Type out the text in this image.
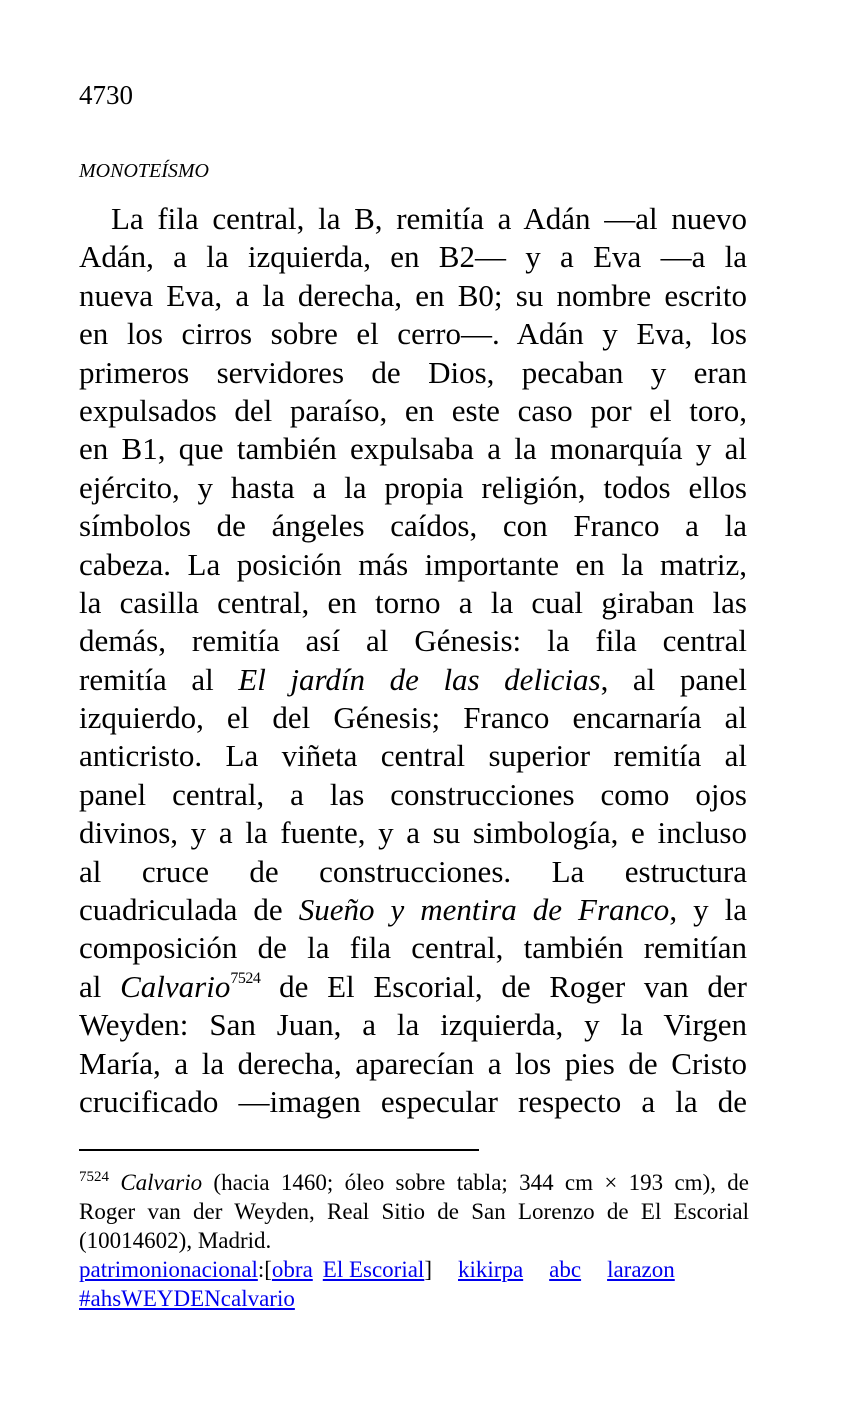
4730
MONOTEÍSMO
La fila central, la B, remitía a Adán —al nuevo
Adán, a la izquierda, en B2— y a Eva —a la
nueva Eva, a la derecha, en B0; su nombre escrito
en los cirros sobre el cerro—. Adán y Eva, los
primeros servidores de Dios, pecaban y eran
expulsados del paraíso, en este caso por el toro,
en B1, que también expulsaba a la monarquía y al
ejército, y hasta a la propia religión, todos ellos
símbolos de ángeles caídos, con Franco a la
cabeza. La posición más importante en la matriz,
la casilla central, en torno a la cual giraban las
demás, remitía así al Génesis: la fila central
remitía al El jardín de las delicias, al panel
izquierdo, el del Génesis; Franco encarnaría al
anticristo. La viñeta central superior remitía al
panel central, a las construcciones como ojos
divinos, y a la fuente, y a su simbología, e incluso
al cruce de construcciones. La estructura
cuadriculada de Sueño y mentira de Franco, y la
composición de la fila central, también remitían
al Calvario$^{7524}$ de El Escorial, de Roger van der
Weyden: San Juan, a la izquierda, y la Virgen
María, a la derecha, aparecían a los pies de Cristo
crucificado —imagen especular respecto a la de
$^{7524}$ Calvario (hacia 1460; óleo sobre tabla; 344 cm × 193 cm), de
Roger van der Weyden, Real Sitio de San Lorenzo de El Escorial
(10014602), Madrid.
patrimonionacional:[obra El Escorial] kikirpa abc larazon
#ahsWEYDENcalvario
